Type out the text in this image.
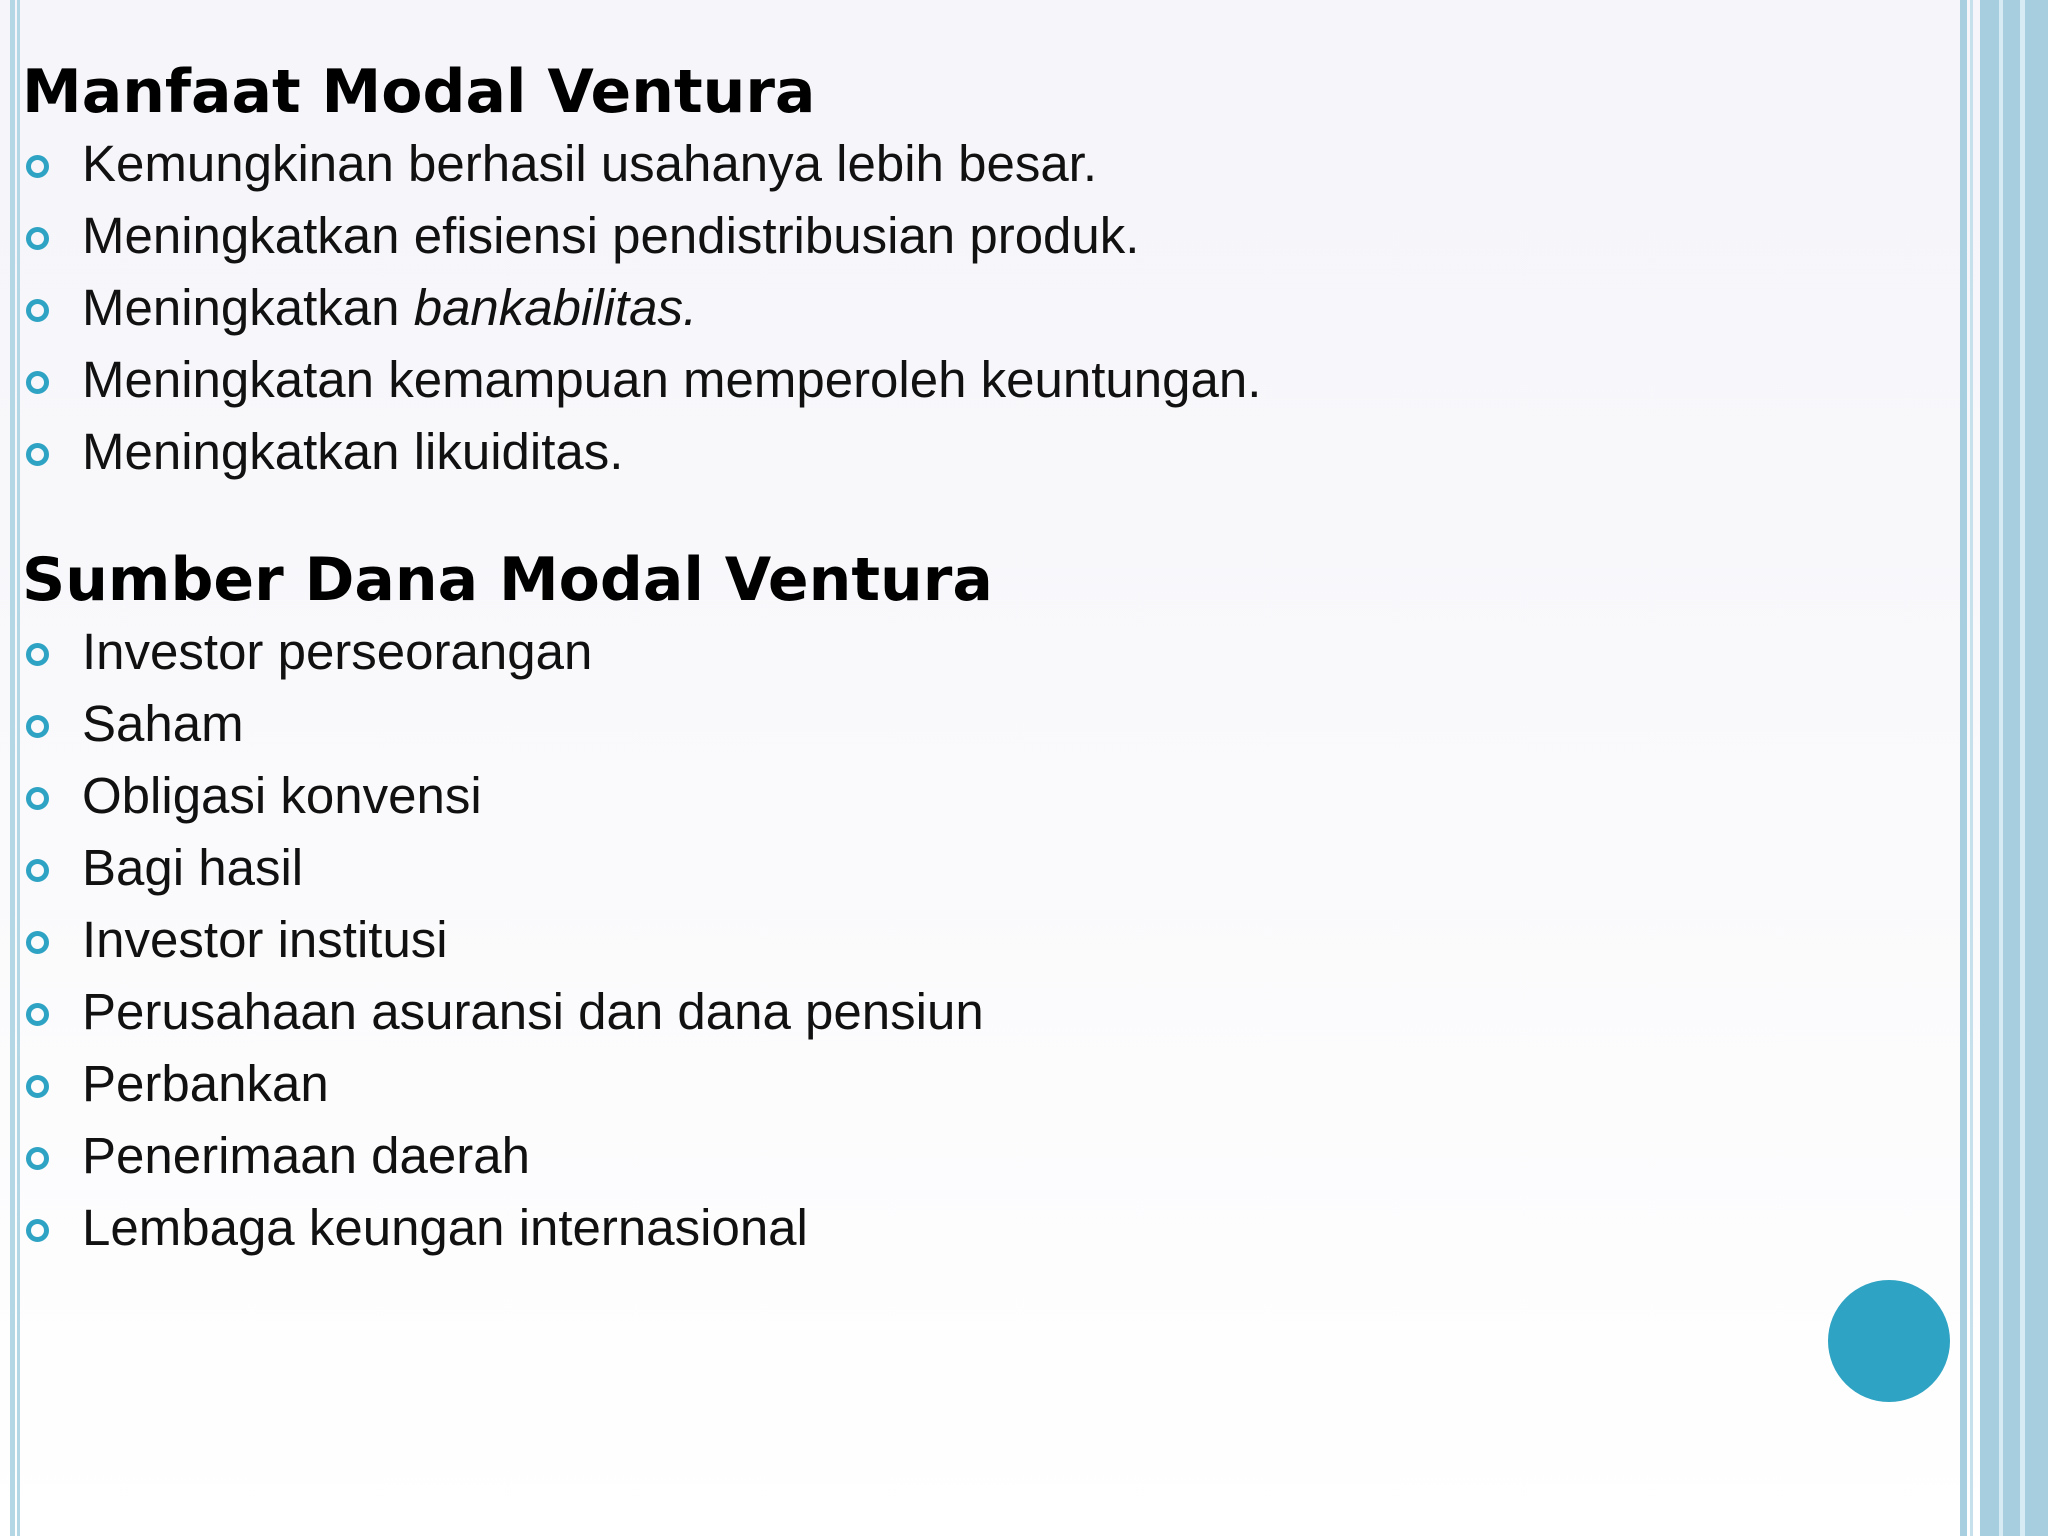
Manfaat Modal Ventura
Kemungkinan berhasil usahanya lebih besar.
Meningkatkan efisiensi pendistribusian produk.
Meningkatkan bankabilitas.
Meningkatan kemampuan memperoleh keuntungan.
Meningkatkan likuiditas.
Sumber Dana Modal Ventura
Investor perseorangan
Saham
Obligasi konvensi
Bagi hasil
Investor institusi
Perusahaan asuransi dan dana pensiun
Perbankan
Penerimaan daerah
Lembaga keungan internasional
